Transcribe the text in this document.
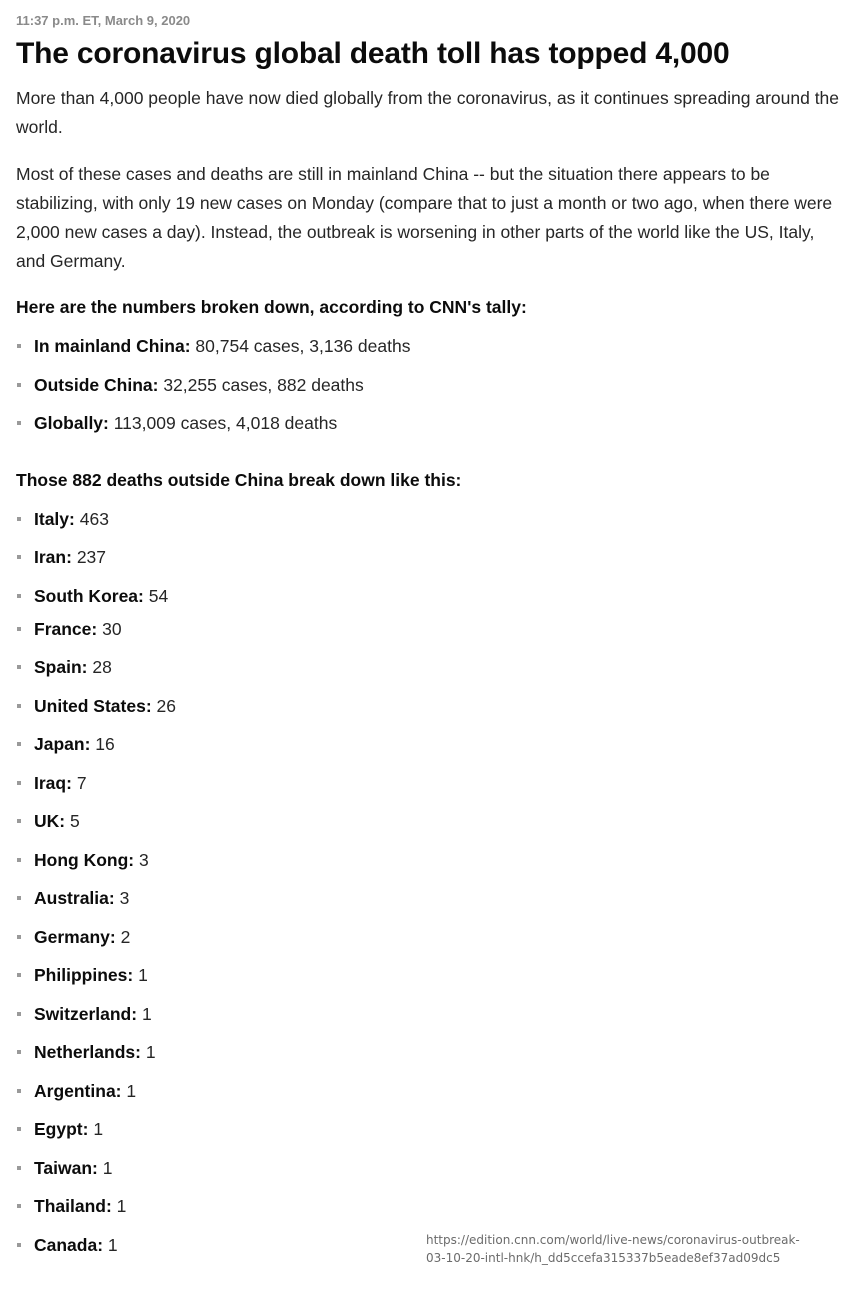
11:37 p.m. ET, March 9, 2020

The coronavirus global death toll has topped 4,000

More than 4,000 people have now died globally from the coronavirus, as it continues spreading around the world.

Most of these cases and deaths are still in mainland China -- but the situation there appears to be stabilizing, with only 19 new cases on Monday (compare that to just a month or two ago, when there were 2,000 new cases a day). Instead, the outbreak is worsening in other parts of the world like the US, Italy, and Germany.

Here are the numbers broken down, according to CNN's tally:

In mainland China: 80,754 cases, 3,136 deaths
Outside China: 32,255 cases, 882 deaths
Globally: 113,009 cases, 4,018 deaths

Those 882 deaths outside China break down like this:

Italy: 463
Iran: 237
South Korea: 54
France: 30
Spain: 28
United States: 26
Japan: 16
Iraq: 7
UK: 5
Hong Kong: 3
Australia: 3
Germany: 2
Philippines: 1
Switzerland: 1
Netherlands: 1
Argentina: 1
Egypt: 1
Taiwan: 1
Thailand: 1
Canada: 1	https://edition.cnn.com/world/live-news/coronavirus-outbreak-
03-10-20-intl-hnk/h_dd5ccefa315337b5eade8ef37ad09dc5
